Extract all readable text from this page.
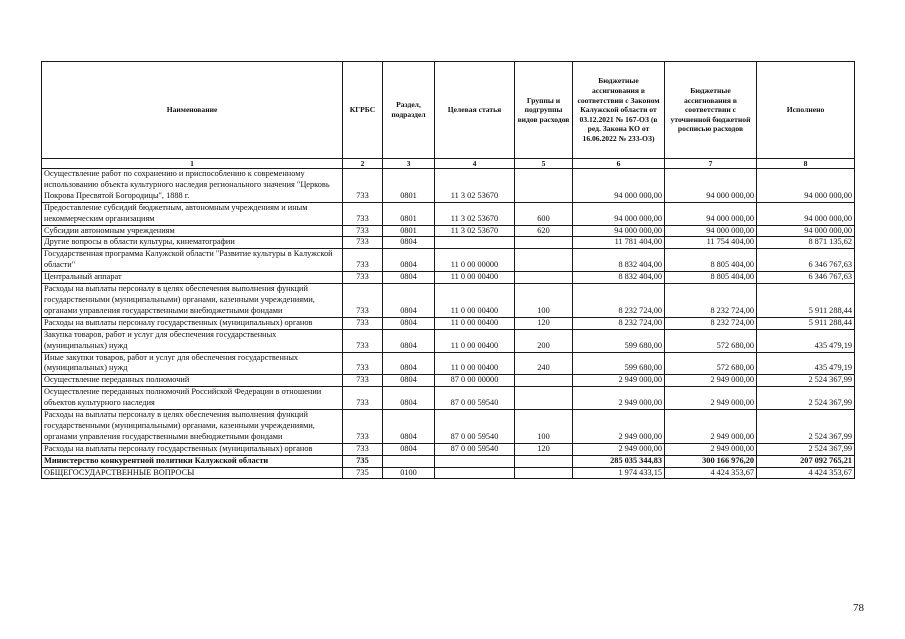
Наименование	КГРБС	Раздел, подраздел	Целевая статья	Группы и подгруппы видов расходов	Бюджетные ассигнования в соответствии с Законом Калужской области от 03.12.2021 № 167-ОЗ (в ред. Закона КО от 16.06.2022 № 233-ОЗ)	Бюджетные ассигнования в соответствии с уточненной бюджетной росписью расходов	Исполнено
1	2	3	4	5	6	7	8
Осуществление работ по сохранению и приспособлению к современному использованию объекта культурного наследия регионального значения "Церковь Покрова Пресвятой Богородицы", 1888 г.	733	0801	11 3 02 53670		94 000 000,00	94 000 000,00	94 000 000,00
Предоставление субсидий бюджетным, автономным учреждениям и иным некоммерческим организациям	733	0801	11 3 02 53670	600	94 000 000,00	94 000 000,00	94 000 000,00
Субсидии автономным учреждениям	733	0801	11 3 02 53670	620	94 000 000,00	94 000 000,00	94 000 000,00
Другие вопросы в области культуры, кинематографии	733	0804			11 781 404,00	11 754 404,00	8 871 135,62
Государственная программа Калужской области "Развитие культуры в Калужской области"	733	0804	11 0 00 00000		8 832 404,00	8 805 404,00	6 346 767,63
Центральный аппарат	733	0804	11 0 00 00400		8 832 404,00	8 805 404,00	6 346 767,63
Расходы на выплаты персоналу в целях обеспечения выполнения функций государственными (муниципальными) органами, казенными учреждениями, органами управления государственными внебюджетными фондами	733	0804	11 0 00 00400	100	8 232 724,00	8 232 724,00	5 911 288,44
Расходы на выплаты персоналу государственных (муниципальных) органов	733	0804	11 0 00 00400	120	8 232 724,00	8 232 724,00	5 911 288,44
Закупка товаров, работ и услуг для обеспечения государственных (муниципальных) нужд	733	0804	11 0 00 00400	200	599 680,00	572 680,00	435 479,19
Иные закупки товаров, работ и услуг для обеспечения государственных (муниципальных) нужд	733	0804	11 0 00 00400	240	599 680,00	572 680,00	435 479,19
Осуществление переданных полномочий	733	0804	87 0 00 00000		2 949 000,00	2 949 000,00	2 524 367,99
Осуществление переданных полномочий Российской Федерации в отношении объектов культурного наследия	733	0804	87 0 00 59540		2 949 000,00	2 949 000,00	2 524 367,99
Расходы на выплаты персоналу в целях обеспечения выполнения функций государственными (муниципальными) органами, казенными учреждениями, органами управления государственными внебюджетными фондами	733	0804	87 0 00 59540	100	2 949 000,00	2 949 000,00	2 524 367,99
Расходы на выплаты персоналу государственных (муниципальных) органов	733	0804	87 0 00 59540	120	2 949 000,00	2 949 000,00	2 524 367,99
Министерство конкурентной политики Калужской области	735				285 035 344,83	300 166 976,20	207 092 765,21
ОБЩЕГОСУДАРСТВЕННЫЕ ВОПРОСЫ	735	0100			1 974 433,15	4 424 353,67	4 424 353,67
78
